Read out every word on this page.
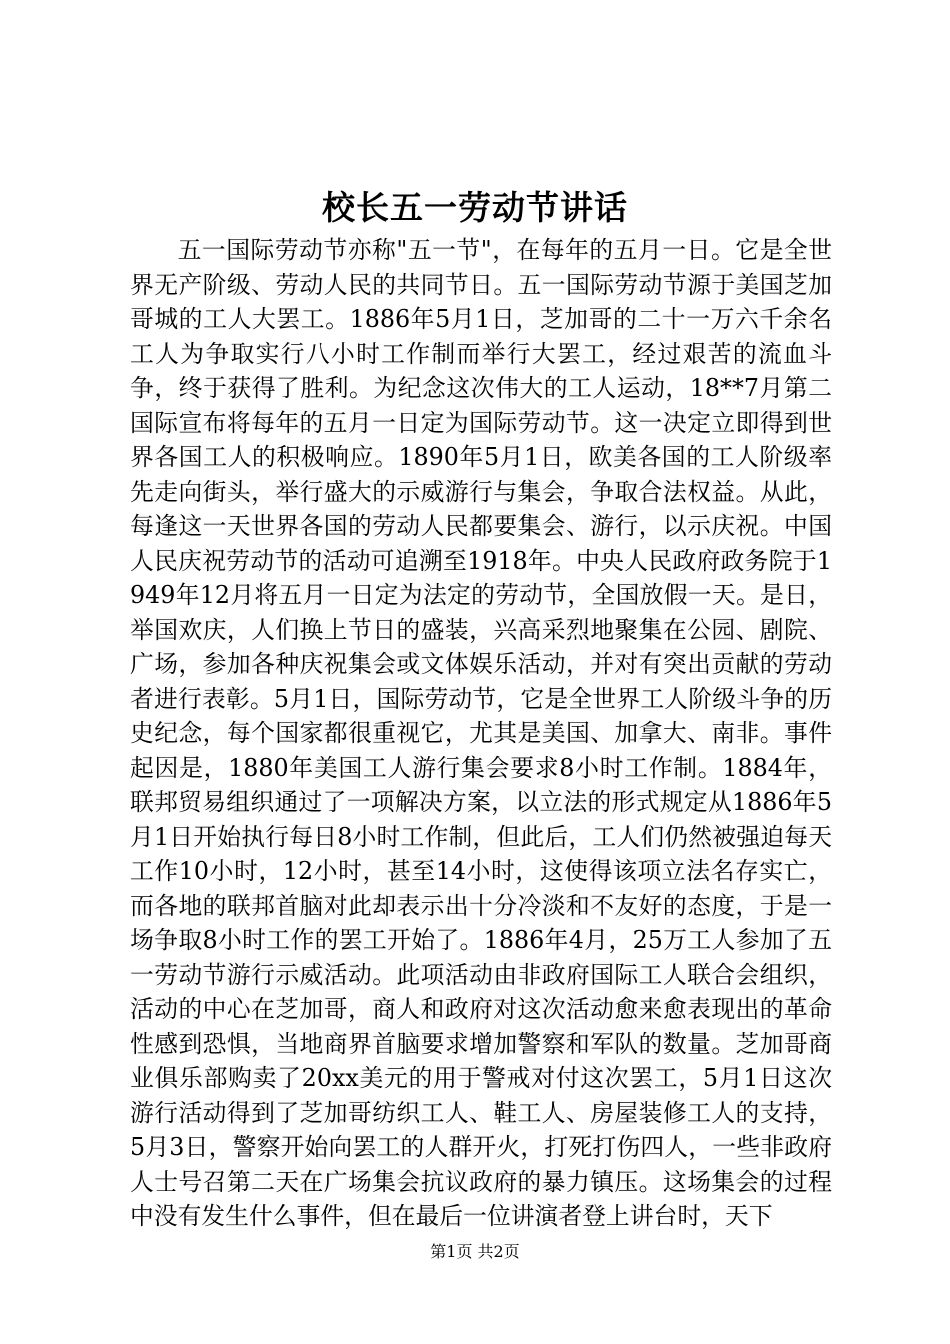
校长五一劳动节讲话

五一国际劳动节亦称"五一节"，在每年的五月一日。它是全世界无产阶级、劳动人民的共同节日。五一国际劳动节源于美国芝加哥城的工人大罢工。1886年5月1日，芝加哥的二十一万六千余名工人为争取实行八小时工作制而举行大罢工，经过艰苦的流血斗争，终于获得了胜利。为纪念这次伟大的工人运动，18**7月第二国际宣布将每年的五月一日定为国际劳动节。这一决定立即得到世界各国工人的积极响应。1890年5月1日，欧美各国的工人阶级率先走向街头，举行盛大的示威游行与集会，争取合法权益。从此，每逢这一天世界各国的劳动人民都要集会、游行，以示庆祝。中国人民庆祝劳动节的活动可追溯至1918年。中央人民政府政务院于1949年12月将五月一日定为法定的劳动节，全国放假一天。是日，举国欢庆，人们换上节日的盛装，兴高采烈地聚集在公园、剧院、广场，参加各种庆祝集会或文体娱乐活动，并对有突出贡献的劳动者进行表彰。5月1日，国际劳动节，它是全世界工人阶级斗争的历史纪念，每个国家都很重视它，尤其是美国、加拿大、南非。事件起因是，1880年美国工人游行集会要求8小时工作制。1884年，联邦贸易组织通过了一项解决方案，以立法的形式规定从1886年5月1日开始执行每日8小时工作制，但此后，工人们仍然被强迫每天工作10小时，12小时，甚至14小时，这使得该项立法名存实亡，而各地的联邦首脑对此却表示出十分冷淡和不友好的态度，于是一场争取8小时工作的罢工开始了。1886年4月，25万工人参加了五一劳动节游行示威活动。此项活动由非政府国际工人联合会组织，活动的中心在芝加哥，商人和政府对这次活动愈来愈表现出的革命性感到恐惧，当地商界首脑要求增加警察和军队的数量。芝加哥商业俱乐部购卖了20xx美元的用于警戒对付这次罢工，5月1日这次游行活动得到了芝加哥纺织工人、鞋工人、房屋装修工人的支持，5月3日，警察开始向罢工的人群开火，打死打伤四人，一些非政府人士号召第二天在广场集会抗议政府的暴力镇压。这场集会的过程中没有发生什么事件，但在最后一位讲演者登上讲台时，天下

第1页 共2页
